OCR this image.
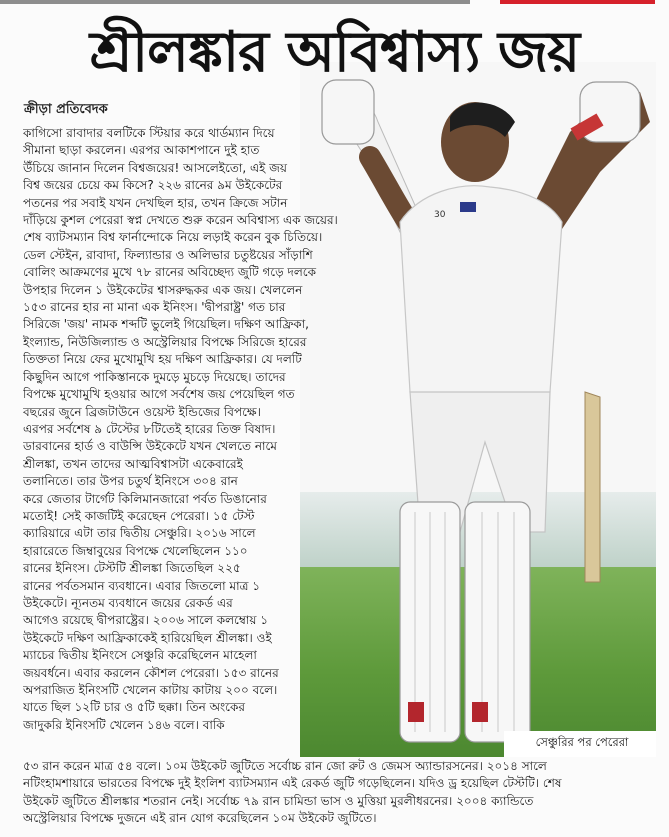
30
শ্রীলঙ্কার অবিশ্বাস্য জয়
ক্রীড়া প্রতিবেদক
কাগিসো রাবাদার বলটিকে স্টিয়ার করে থার্ডম্যান দিয়ে
সীমানা ছাড়া করলেন। এরপর আকাশপানে দুই হাত
উঁচিয়ে জানান দিলেন বিশ্বজয়ের! আসলেইতো, এই জয়
বিশ্ব জয়ের চেয়ে কম কিসে? ২২৬ রানের ৯ম উইকেটের
পতনের পর সবাই যখন দেখছিল হার, তখন ক্রিজে সটান
দাঁড়িয়ে কুশল পেরেরা স্বপ্ন দেখতে শুরু করেন অবিশ্বাস্য এক জয়ের।
শেষ ব্যাটসম্যান বিশ্ব ফার্নান্দোকে নিয়ে লড়াই করেন বুক চিতিয়ে।
ডেল স্টেইন, রাবাদা, ফিল্যান্ডার ও অলিভার চতুষ্টয়ের সাঁড়াশি
বোলিং আক্রমণের মুখে ৭৮ রানের অবিচ্ছেদ্য জুটি গড়ে দলকে
উপহার দিলেন ১ উইকেটের শ্বাসরুদ্ধকর এক জয়। খেললেন
১৫৩ রানের হার না মানা এক ইনিংস। 'দ্বীপরাষ্ট্র' গত চার
সিরিজে 'জয়' নামক শব্দটি ভুলেই গিয়েছিল। দক্ষিণ আফ্রিকা,
ইংল্যান্ড, নিউজিল্যান্ড ও অস্ট্রেলিয়ার বিপক্ষে সিরিজে হারের
তিক্ততা নিয়ে ফের মুখোমুখি হয় দক্ষিণ আফ্রিকার। যে দলটি
কিছুদিন আগে পাকিস্তানকে দুমড়ে মুচড়ে দিয়েছে। তাদের
বিপক্ষে মুখোমুখি হওয়ার আগে সর্বশেষ জয় পেয়েছিল গত
বছরের জুনে ব্রিজটাউনে ওয়েস্ট ইন্ডিজের বিপক্ষে।
এরপর সর্বশেষ ৯ টেস্টের ৮টিতেই হারের তিক্ত বিষাদ।
ডারবানের হার্ড ও বাউন্সি উইকেটে যখন খেলতে নামে
শ্রীলঙ্কা, তখন তাদের আত্মবিশ্বাসটা একেবারেই
তলানিতে। তার উপর চতুর্থ ইনিংসে ৩০৪ রান
করে জেতার টার্গেট কিলিমানজারো পর্বত ডিঙানোর
মতোই! সেই কাজটিই করেছেন পেরেরা। ১৫ টেস্ট
ক্যারিয়ারে এটা তার দ্বিতীয় সেঞ্চুরি। ২০১৬ সালে
হারারেতে জিম্বাবুয়ের বিপক্ষে খেলেছিলেন ১১০
রানের ইনিংস। টেস্টটি শ্রীলঙ্কা জিতেছিল ২২৫
রানের পর্বতসমান ব্যবধানে। এবার জিতলো মাত্র ১
উইকেটে। ন্যূনতম ব্যবধানে জয়ের রেকর্ড এর
আগেও রয়েছে দ্বীপরাষ্ট্রের। ২০০৬ সালে কলম্বোয় ১
উইকেটে দক্ষিণ আফ্রিকাকেই হারিয়েছিল শ্রীলঙ্কা। ওই
ম্যাচের দ্বিতীয় ইনিংসে সেঞ্চুরি করেছিলেন মাহেলা
জয়বর্ধনে। এবার করলেন কৌশল পেরেরা। ১৫৩ রানের
অপরাজিত ইনিংসটি খেলেন কাটায় কাটায় ২০০ বলে।
যাতে ছিল ১২টি চার ও ৫টি ছক্কা। তিন অংকের
জাদুকরি ইনিংসটি খেলেন ১৪৬ বলে। বাকি
সেঞ্চুরির পর পেরেরা
৫৩ রান করেন মাত্র ৫৪ বলে। ১০ম উইকেট জুটিতে সর্বোচ্চ রান জো রুট ও জেমস অ্যান্ডারসনের। ২০১৪ সালে
নটিংহামশায়ারে ভারতের বিপক্ষে দুই ইংলিশ ব্যাটসম্যান এই রেকর্ড জুটি গড়েছিলেন। যদিও ড্র হয়েছিল টেস্টটি। শেষ
উইকেট জুটিতে শ্রীলঙ্কার শতরান নেই। সর্বোচ্চ ৭৯ রান চামিন্ডা ভাস ও মুত্তিয়া মুরলীধরনের। ২০০৪ ক্যান্ডিতে
অস্ট্রেলিয়ার বিপক্ষে দুজনে এই রান যোগ করেছিলেন ১০ম উইকেট জুটিতে।
